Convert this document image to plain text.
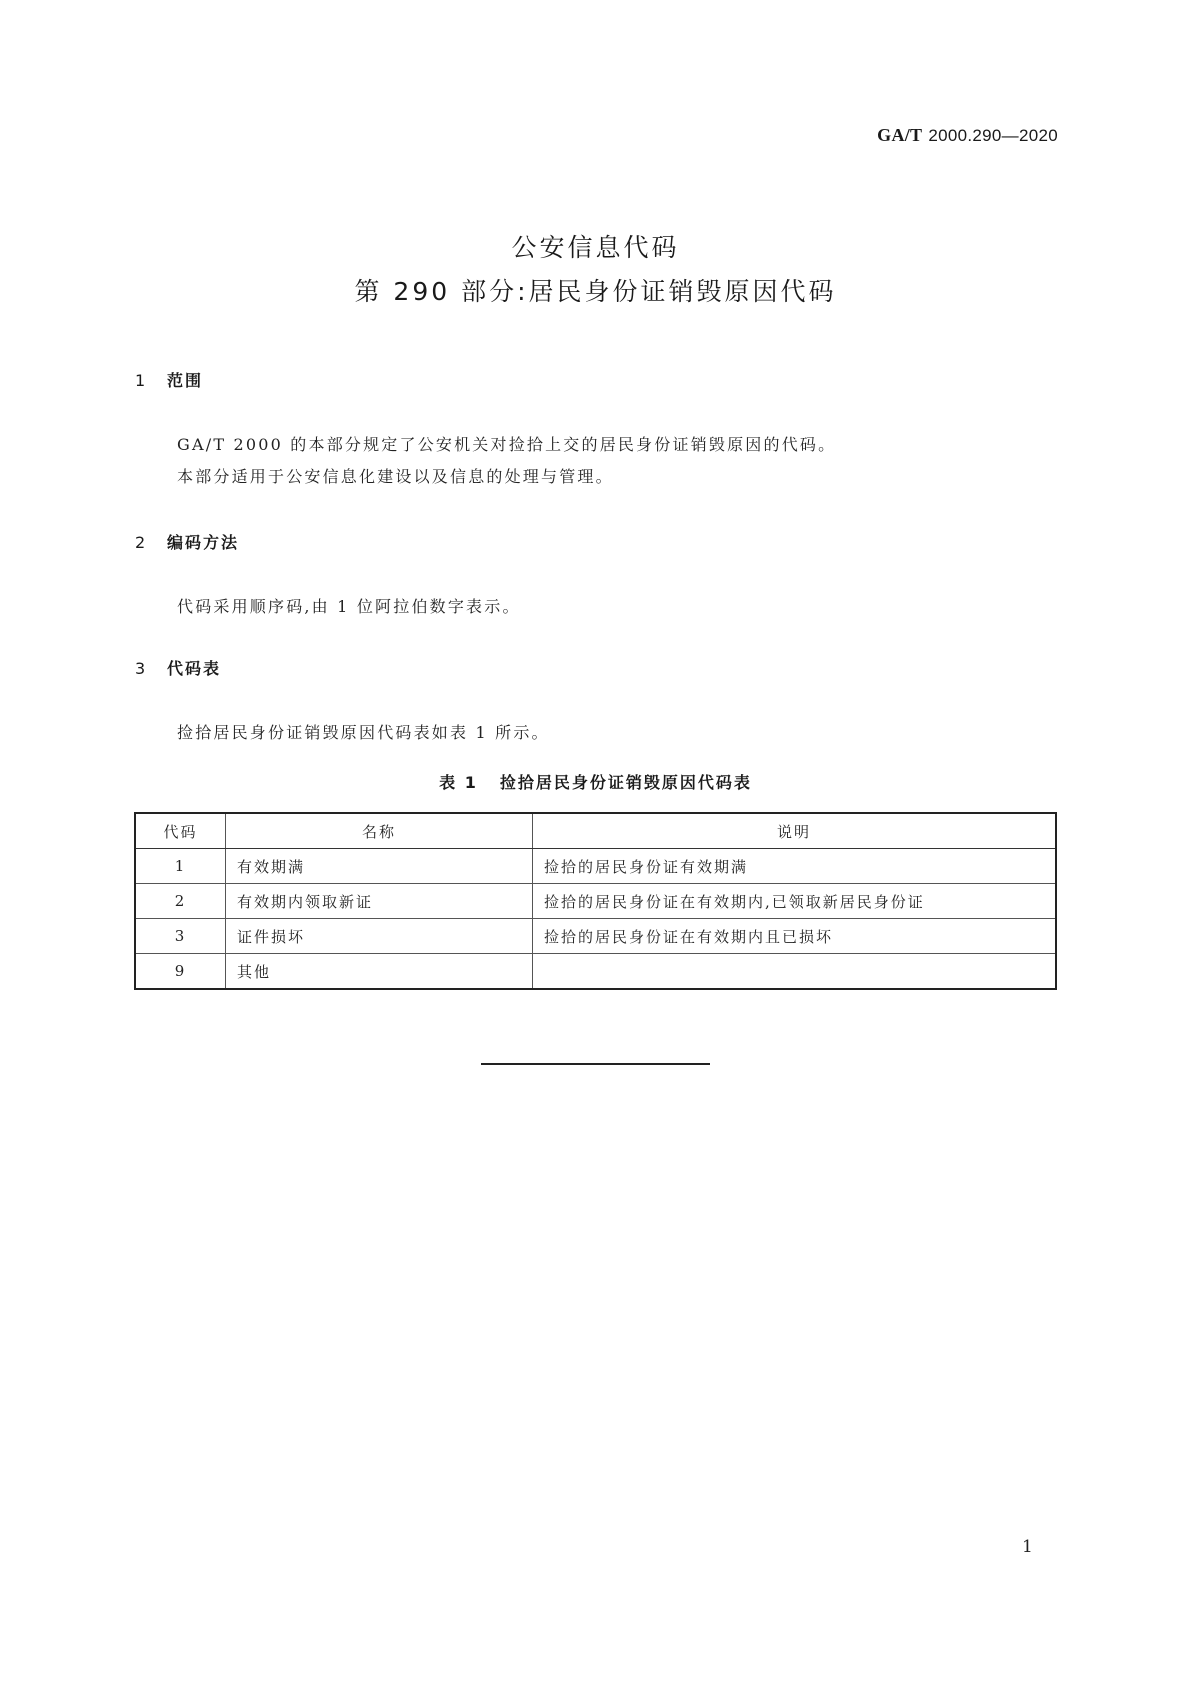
GA/T 2000.290—2020
公安信息代码
第 290 部分:居民身份证销毁原因代码
1 范围
GA/T 2000 的本部分规定了公安机关对捡拾上交的居民身份证销毁原因的代码。
本部分适用于公安信息化建设以及信息的处理与管理。
2 编码方法
代码采用顺序码,由 1 位阿拉伯数字表示。
3 代码表
捡拾居民身份证销毁原因代码表如表 1 所示。
表 1 捡拾居民身份证销毁原因代码表
代码	名称	说明
1	有效期满	捡拾的居民身份证有效期满
2	有效期内领取新证	捡拾的居民身份证在有效期内,已领取新居民身份证
3	证件损坏	捡拾的居民身份证在有效期内且已损坏
9	其他	
1
